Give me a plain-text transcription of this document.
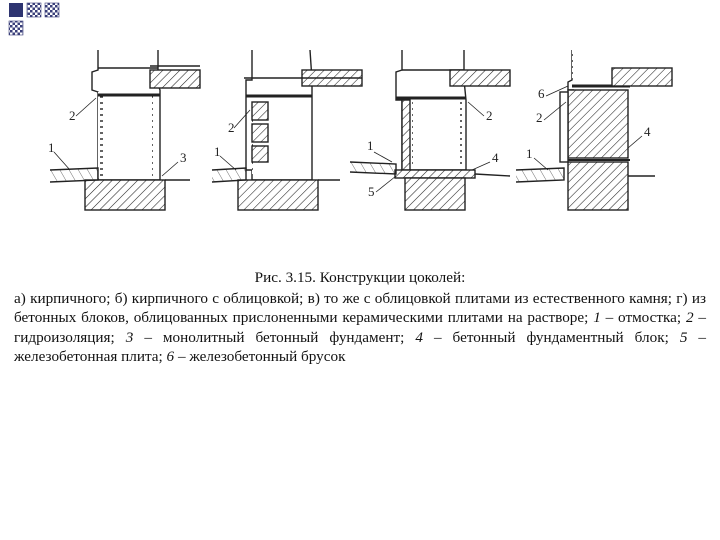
2
1
3
2
1
2
1
4
5
6
2
4
1

Рис. 3.15. Конструкции цоколей:

а) кирпичного; б) кирпичного с облицовкой; в) то же с облицовкой плитами из естественного камня; г) из бетонных блоков, облицованных прислоненными керамическими плитами на растворе; 1 – отмостка; 2 – гидроизоляция; 3 – монолитный бетонный фундамент; 4 – бетонный фундаментный блок; 5 – железобетонная плита; 6 – железобетонный брусок
